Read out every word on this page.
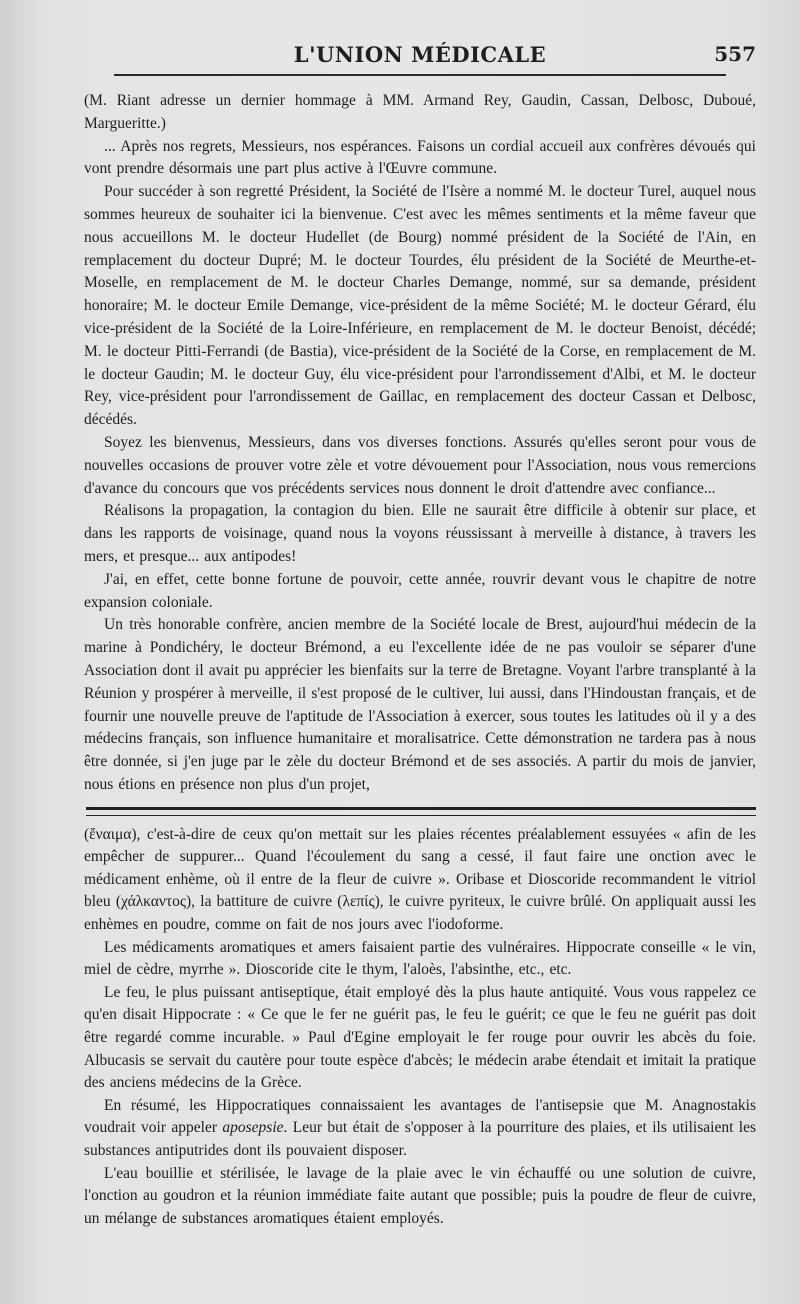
L'UNION MÉDICALE	557

(M. Riant adresse un dernier hommage à MM. Armand Rey, Gaudin, Cassan, Delbosc, Duboué, Margueritte.)

... Après nos regrets, Messieurs, nos espérances. Faisons un cordial accueil aux confrères dévoués qui vont prendre désormais une part plus active à l'Œuvre commune.

Pour succéder à son regretté Président, la Société de l'Isère a nommé M. le docteur Turel, auquel nous sommes heureux de souhaiter ici la bienvenue. C'est avec les mêmes sentiments et la même faveur que nous accueillons M. le docteur Hudellet (de Bourg) nommé président de la Société de l'Ain, en remplacement du docteur Dupré; M. le docteur Tourdes, élu président de la Société de Meurthe-et-Moselle, en remplacement de M. le docteur Charles Demange, nommé, sur sa demande, président honoraire; M. le docteur Emile Demange, vice-président de la même Société; M. le docteur Gérard, élu vice-président de la Société de la Loire-Inférieure, en remplacement de M. le docteur Benoist, décédé; M. le docteur Pitti-Ferrandi (de Bastia), vice-président de la Société de la Corse, en remplacement de M. le docteur Gaudin; M. le docteur Guy, élu vice-président pour l'arrondissement d'Albi, et M. le docteur Rey, vice-président pour l'arrondissement de Gaillac, en remplacement des docteur Cassan et Delbosc, décédés.

Soyez les bienvenus, Messieurs, dans vos diverses fonctions. Assurés qu'elles seront pour vous de nouvelles occasions de prouver votre zèle et votre dévouement pour l'Association, nous vous remercions d'avance du concours que vos précédents services nous donnent le droit d'attendre avec confiance...

Réalisons la propagation, la contagion du bien. Elle ne saurait être difficile à obtenir sur place, et dans les rapports de voisinage, quand nous la voyons réussissant à merveille à distance, à travers les mers, et presque... aux antipodes!

J'ai, en effet, cette bonne fortune de pouvoir, cette année, rouvrir devant vous le chapitre de notre expansion coloniale.

Un très honorable confrère, ancien membre de la Société locale de Brest, aujourd'hui médecin de la marine à Pondichéry, le docteur Brémond, a eu l'excellente idée de ne pas vouloir se séparer d'une Association dont il avait pu apprécier les bienfaits sur la terre de Bretagne. Voyant l'arbre transplanté à la Réunion y prospérer à merveille, il s'est proposé de le cultiver, lui aussi, dans l'Hindoustan français, et de fournir une nouvelle preuve de l'aptitude de l'Association à exercer, sous toutes les latitudes où il y a des médecins français, son influence humanitaire et moralisatrice. Cette démonstration ne tardera pas à nous être donnée, si j'en juge par le zèle du docteur Brémond et de ses associés. A partir du mois de janvier, nous étions en présence non plus d'un projet,

(ἔναιμα), c'est-à-dire de ceux qu'on mettait sur les plaies récentes préalablement essuyées « afin de les empêcher de suppurer... Quand l'écoulement du sang a cessé, il faut faire une onction avec le médicament enhème, où il entre de la fleur de cuivre ». Oribase et Dioscoride recommandent le vitriol bleu (χάλκαντος), la battiture de cuivre (λεπίς), le cuivre pyriteux, le cuivre brûlé. On appliquait aussi les enhèmes en poudre, comme on fait de nos jours avec l'iodoforme.

Les médicaments aromatiques et amers faisaient partie des vulnéraires. Hippocrate conseille « le vin, miel de cèdre, myrrhe ». Dioscoride cite le thym, l'aloès, l'absinthe, etc., etc.

Le feu, le plus puissant antiseptique, était employé dès la plus haute antiquité. Vous vous rappelez ce qu'en disait Hippocrate : « Ce que le fer ne guérit pas, le feu le guérit; ce que le feu ne guérit pas doit être regardé comme incurable. » Paul d'Egine employait le fer rouge pour ouvrir les abcès du foie. Albucasis se servait du cautère pour toute espèce d'abcès; le médecin arabe étendait et imitait la pratique des anciens médecins de la Grèce.

En résumé, les Hippocratiques connaissaient les avantages de l'antisepsie que M. Anagnostakis voudrait voir appeler aposepsie. Leur but était de s'opposer à la pourriture des plaies, et ils utilisaient les substances antiputrides dont ils pouvaient disposer.

L'eau bouillie et stérilisée, le lavage de la plaie avec le vin échauffé ou une solution de cuivre, l'onction au goudron et la réunion immédiate faite autant que possible; puis la poudre de fleur de cuivre, un mélange de substances aromatiques étaient employés.
